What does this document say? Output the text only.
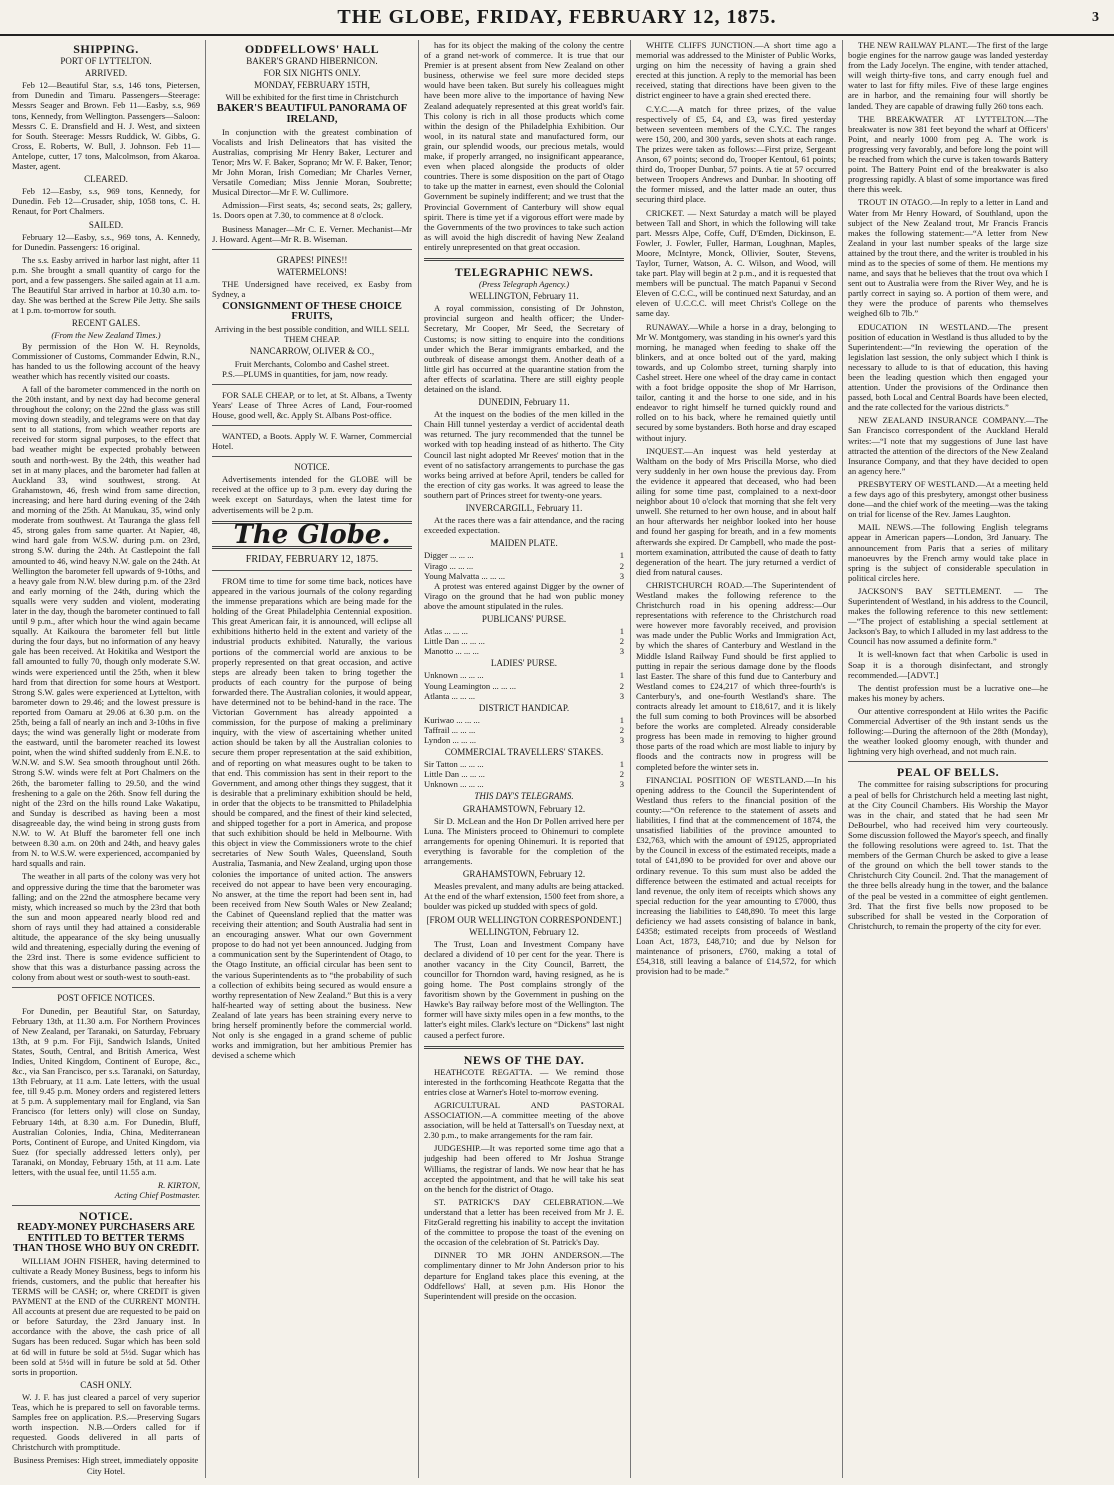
THE GLOBE, FRIDAY, FEBRUARY 12, 1875.	3
SHIPPING.
PORT OF LYTTELTON.
ARRIVED.

Feb 12—Beautiful Star, s.s, 146 tons, Pietersen, from Dunedin and Timaru. Passengers—Steerage: Messrs Seager and Brown. Feb 11—Easby, s.s, 969 tons, Kennedy, from Wellington. Passengers—Saloon: Messrs C. E. Dransfield and H. J. West, and sixteen for South. Steerage: Messrs Ruddick, W. Gibbs, G. Cross, E. Roberts, W. Bull, J. Johnson. Feb 11—Antelope, cutter, 17 tons, Malcolmson, from Akaroa. Master, agent.

CLEARED.

Feb 12—Easby, s.s, 969 tons, Kennedy, for Dunedin. Feb 12—Crusader, ship, 1058 tons, C. H. Renaut, for Port Chalmers.

SAILED.

February 12—Easby, s.s., 969 tons, A. Kennedy, for Dunedin. Passengers: 16 original.

The s.s. Easby arrived in harbor last night, after 11 p.m. She brought a small quantity of cargo for the port, and a few passengers. She sailed again at 11 a.m. The Beautiful Star arrived in harbor at 10.30 a.m. to-day. She was berthed at the Screw Pile Jetty. She sails at 1 p.m. to-morrow for south.

RECENT GALES.
(From the New Zealand Times.)

By permission of the Hon W. H. Reynolds, Commissioner of Customs, Commander Edwin, R.N., has handed to us the following account of the heavy weather which has recently visited our coasts.

A fall of the barometer commenced in the north on the 20th instant, and by next day had become general throughout the colony; on the 22nd the glass was still moving down steadily, and telegrams were on that day sent to all stations, from which weather reports are received for storm signal purposes, to the effect that bad weather might be expected probably between south and north-west. By the 24th, this weather had set in at many places, and the barometer had fallen at Auckland 33, wind southwest, strong. At Grahamstown, 46, fresh wind from same direction, increasing; and here hard during evening of the 24th and morning of the 25th. At Manukau, 35, wind only moderate from southwest. At Tauranga the glass fell 45, strong gales from same quarter. At Napier, 48, wind hard gale from W.S.W. during p.m. on 23rd, strong S.W. during the 24th. At Castlepoint the fall amounted to 46, wind heavy N.W. gale on the 24th. At Wellington the barometer fell upwards of 9-10ths, and a heavy gale from N.W. blew during p.m. of the 23rd and early morning of the 24th, during which the squalls were very sudden and violent, moderating later in the day, though the barometer continued to fall until 9 p.m., after which hour the wind again became squally. At Kaikoura the barometer fell but little during the four days, but no information of any heavy gale has been received. At Hokitika and Westport the fall amounted to fully 70, though only moderate S.W. winds were experienced until the 25th, when it blew hard from that direction for some hours at Westport. Strong S.W. gales were experienced at Lyttelton, with barometer down to 29.46; and the lowest pressure is reported from Oamaru at 29.06 at 6.30 p.m. on the 25th, being a fall of nearly an inch and 3-10ths in five days; the wind was generally light or moderate from the eastward, until the barometer reached its lowest point, when the wind shifted suddenly from E.N.E. to W.N.W. and S.W. Sea smooth throughout until 26th. Strong S.W. winds were felt at Port Chalmers on the 26th, the barometer falling to 29.50, and the wind freshening to a gale on the 26th. Snow fell during the night of the 23rd on the hills round Lake Wakatipu, and Sunday is described as having been a most disagreeable day, the wind being in strong gusts from N.W. to W. At Bluff the barometer fell one inch between 8.30 a.m. on 20th and 24th, and heavy gales from N. to W.S.W. were experienced, accompanied by hard squalls and rain.

The weather in all parts of the colony was very hot and oppressive during the time that the barometer was falling; and on the 22nd the atmosphere became very misty, which increased so much by the 23rd that both the sun and moon appeared nearly blood red and shorn of rays until they had attained a considerable altitude, the appearance of the sky being unusually wild and threatening, especially during the evening of the 23rd inst. There is some evidence sufficient to show that this was a disturbance passing across the colony from about west or south-west to south-east.

POST OFFICE NOTICES.

For Dunedin, per Beautiful Star, on Saturday, February 13th, at 11.30 a.m. For Northern Provinces of New Zealand, per Taranaki, on Saturday, February 13th, at 9 p.m. For Fiji, Sandwich Islands, United States, South, Central, and British America, West Indies, United Kingdom, Continent of Europe, &c., &c., via San Francisco, per s.s. Taranaki, on Saturday, 13th February, at 11 a.m. Late letters, with the usual fee, till 9.45 p.m. Money orders and registered letters at 5 p.m. A supplementary mail for England, via San Francisco (for letters only) will close on Sunday, February 14th, at 8.30 a.m. For Dunedin, Bluff, Australian Colonies, India, China, Mediterranean Ports, Continent of Europe, and United Kingdom, via Suez (for specially addressed letters only), per Taranaki, on Monday, February 15th, at 11 a.m. Late letters, with the usual fee, until 11.55 a.m.

R. KIRTON,
Acting Chief Postmaster.
NOTICE.
READY-MONEY PURCHASERS ARE ENTITLED TO BETTER TERMS THAN THOSE WHO BUY ON CREDIT.

WILLIAM JOHN FISHER, having determined to cultivate a Ready Money Business, begs to inform his friends, customers, and the public that hereafter his TERMS will be CASH; or, where CREDIT is given PAYMENT at the END of the CURRENT MONTH. All accounts at present due are requested to be paid on or before Saturday, the 23rd January inst. In accordance with the above, the cash price of all Sugars has been reduced. Sugar which has been sold at 6d will in future be sold at 5½d. Sugar which has been sold at 5½d will in future be sold at 5d. Other sorts in proportion.

CASH ONLY.

W. J. F. has just cleared a parcel of very superior Teas, which he is prepared to sell on favorable terms. Samples free on application. P.S.—Preserving Sugars worth inspection. N.B.—Orders called for if requested. Goods delivered in all parts of Christchurch with promptitude.

Business Premises: High street, immediately opposite City Hotel.
ODDFELLOWS' HALL
BAKER'S GRAND HIBERNICON.
FOR SIX NIGHTS ONLY.
MONDAY, FEBRUARY 15TH,
Will be exhibited for the first time in Christchurch
BAKER'S BEAUTIFUL PANORAMA OF IRELAND,

In conjunction with the greatest combination of Vocalists and Irish Delineators that has visited the Australias, comprising Mr Henry Baker, Lecturer and Tenor; Mrs W. F. Baker, Soprano; Mr W. F. Baker, Tenor; Mr John Moran, Irish Comedian; Mr Charles Verner, Versatile Comedian; Miss Jennie Moran, Soubrette; Musical Director—Mr F. W. Cullimore.

Admission—First seats, 4s; second seats, 2s; gallery, 1s. Doors open at 7.30, to commence at 8 o'clock.

Business Manager—Mr C. E. Verner. Mechanist—Mr J. Howard. Agent—Mr R. B. Wiseman.

GRAPES! PINES!!
WATERMELONS!

THE Undersigned have received, ex Easby from Sydney, a

CONSIGNMENT OF THESE CHOICE FRUITS,
Arriving in the best possible condition, and WILL SELL THEM CHEAP.
NANCARROW, OLIVER & CO.,
Fruit Merchants, Colombo and Cashel street.

P.S.—PLUMS in quantities, for jam, now ready.

FOR SALE CHEAP, or to let, at St. Albans, a Twenty Years' Lease of Three Acres of Land, Four-roomed House, good well, &c. Apply St. Albans Post-office.

WANTED, a Boots. Apply W. F. Warner, Commercial Hotel.

NOTICE.

Advertisements intended for the GLOBE will be received at the office up to 3 p.m. every day during the week except on Saturdays, when the latest time for advertisements will be 2 p.m.

The Globe.
FRIDAY, FEBRUARY 12, 1875.

FROM time to time for some time back, notices have appeared in the various journals of the colony regarding the immense preparations which are being made for the holding of the Great Philadelphia Centennial exposition. This great American fair, it is announced, will eclipse all exhibitions hitherto held in the extent and variety of the industrial products exhibited. Naturally, the various portions of the commercial world are anxious to be properly represented on that great occasion, and active steps are already been taken to bring together the products of each country for the purpose of being forwarded there. The Australian colonies, it would appear, have determined not to be behind-hand in the race. The Victorian Government has already appointed a commission, for the purpose of making a preliminary inquiry, with the view of ascertaining whether united action should be taken by all the Australian colonies to secure them proper representation at the said exhibition, and of reporting on what measures ought to be taken to that end. This commission has sent in their report to the Government, and among other things they suggest, that it is desirable that a preliminary exhibition should be held, in order that the objects to be transmitted to Philadelphia should be compared, and the finest of their kind selected, and shipped together for a port in America, and propose that such exhibition should be held in Melbourne. With this object in view the Commissioners wrote to the chief secretaries of New South Wales, Queensland, South Australia, Tasmania, and New Zealand, urging upon those colonies the importance of united action. The answers received do not appear to have been very encouraging. No answer, at the time the report had been sent in, had been received from New South Wales or New Zealand; the Cabinet of Queensland replied that the matter was receiving their attention; and South Australia had sent in an encouraging answer. What our own Government propose to do had not yet been announced. Judging from a communication sent by the Superintendent of Otago, to the Otago Institute, an official circular has been sent to the various Superintendents as to “the probability of such a collection of exhibits being secured as would ensure a worthy representation of New Zealand.” But this is a very half-hearted way of setting about the business. New Zealand of late years has been straining every nerve to bring herself prominently before the commercial world. Not only is she engaged in a grand scheme of public works and immigration, but her ambitious Premier has devised a scheme which

has for its object the making of the colony the centre of a grand net-work of commerce. It is true that our Premier is at present absent from New Zealand on other business, otherwise we feel sure more decided steps would have been taken. But surely his colleagues might have been more alive to the importance of having New Zealand adequately represented at this great world's fair. This colony is rich in all those products which come within the design of the Philadelphia Exhibition. Our wool, in its natural state and manufactured form, our grain, our splendid woods, our precious metals, would make, if properly arranged, no insignificant appearance, even when placed alongside the products of older countries. There is some disposition on the part of Otago to take up the matter in earnest, even should the Colonial Government be supinely indifferent; and we trust that the Provincial Government of Canterbury will show equal spirit. There is time yet if a vigorous effort were made by the Governments of the two provinces to take such action as will avoid the high discredit of having New Zealand entirely unrepresented on that great occasion.

TELEGRAPHIC NEWS.
(Press Telegraph Agency.)
WELLINGTON, February 11.

A royal commission, consisting of Dr Johnston, provincial surgeon and health officer; the Under-Secretary, Mr Cooper, Mr Seed, the Secretary of Customs; is now sitting to enquire into the conditions under which the Berar immigrants embarked, and the outbreak of disease amongst them. Another death of a little girl has occurred at the quarantine station from the after effects of scarlatina. There are still eighty people detained on the island.

DUNEDIN, February 11.

At the inquest on the bodies of the men killed in the Chain Hill tunnel yesterday a verdict of accidental death was returned. The jury recommended that the tunnel be worked with top heading instead of as hitherto. The City Council last night adopted Mr Reeves' motion that in the event of no satisfactory arrangements to purchase the gas works being arrived at before April, tenders be called for the erection of city gas works. It was agreed to lease the southern part of Princes street for twenty-one years.

INVERCARGILL, February 11.

At the races there was a fair attendance, and the racing exceeded expectation.

MAIDEN PLATE.
Digger ... ... ...	1
Virago ... ... ...	2
Young Malvatta ... ... ...	3

A protest was entered against Digger by the owner of Virago on the ground that he had won public money above the amount stipulated in the rules.

PUBLICANS' PURSE.
Atlas ... ... ...	1
Little Dan ... ... ...	2
Manotto ... ... ...	3
LADIES' PURSE.
Unknown ... ... ...	1
Young Leamington ... ... ...	2
Atlanta ... ... ...	3
DISTRICT HANDICAP.
Kuriwao ... ... ...	1
Taffrail ... ... ...	2
Lyndon ... ... ...	3
COMMERCIAL TRAVELLERS' STAKES.
Sir Tatton ... ... ...	1
Little Dan ... ... ...	2
Unknown ... ... ...	3
THIS DAY'S TELEGRAMS.
GRAHAMSTOWN, February 12.

Sir D. McLean and the Hon Dr Pollen arrived here per Luna. The Ministers proceed to Ohinemuri to complete arrangements for opening Ohinemuri. It is reported that everything is favorable for the completion of the arrangements.

GRAHAMSTOWN, February 12.

Measles prevalent, and many adults are being attacked. At the end of the wharf extension, 1500 feet from shore, a boulder was picked up studded with specs of gold.

[FROM OUR WELLINGTON CORRESPONDENT.]
WELLINGTON, February 12.

The Trust, Loan and Investment Company have declared a dividend of 10 per cent for the year. There is another vacancy in the City Council, Barrett, the councillor for Thorndon ward, having resigned, as he is going home. The Post complains strongly of the favoritism shown by the Government in pushing on the Hawke's Bay railway before most of the Wellington. The former will have sixty miles open in a few months, to the latter's eight miles. Clark's lecture on “Dickens” last night caused a perfect furore.

NEWS OF THE DAY.

HEATHCOTE REGATTA. — We remind those interested in the forthcoming Heathcote Regatta that the entries close at Warner's Hotel to-morrow evening.

AGRICULTURAL AND PASTORAL ASSOCIATION.—A committee meeting of the above association, will be held at Tattersall's on Tuesday next, at 2.30 p.m., to make arrangements for the ram fair.

JUDGESHIP.—It was reported some time ago that a judgeship had been offered to Mr Joshua Strange Williams, the registrar of lands. We now hear that he has accepted the appointment, and that he will take his seat on the bench for the district of Otago.

ST. PATRICK'S DAY CELEBRATION.—We understand that a letter has been received from Mr J. E. FitzGerald regretting his inability to accept the invitation of the committee to propose the toast of the evening on the occasion of the celebration of St. Patrick's Day.

DINNER TO MR JOHN ANDERSON.—The complimentary dinner to Mr John Anderson prior to his departure for England takes place this evening, at the Oddfellows' Hall, at seven p.m. His Honor the Superintendent will preside on the occasion.

WHITE CLIFFS JUNCTION.—A short time ago a memorial was addressed to the Minister of Public Works, urging on him the necessity of having a grain shed erected at this junction. A reply to the memorial has been received, stating that directions have been given to the district engineer to have a grain shed erected there.

C.Y.C.—A match for three prizes, of the value respectively of £5, £4, and £3, was fired yesterday between seventeen members of the C.Y.C. The ranges were 150, 200, and 300 yards, seven shots at each range. The prizes were taken as follows:—First prize, Sergeant Anson, 67 points; second do, Trooper Kentoul, 61 points; third do, Trooper Dunbar, 57 points. A tie at 57 occurred between Troopers Andrews and Dunbar. In shooting off the former missed, and the latter made an outer, thus securing third place.

CRICKET. — Next Saturday a match will be played between Tall and Short, in which the following will take part. Messrs Alpe, Coffe, Cuff, D'Emden, Dickinson, E. Fowler, J. Fowler, Fuller, Harman, Loughnan, Maples, Moore, McIntyre, Monck, Ollivier, Souter, Stevens, Taylor, Turner, Watson, A. C. Wilson, and Wood, will take part. Play will begin at 2 p.m., and it is requested that members will be punctual. The match Papanui v Second Eleven of C.C.C., will be continued next Saturday, and an eleven of U.C.C.C. will meet Christ's College on the same day.

RUNAWAY.—While a horse in a dray, belonging to Mr W. Montgomery, was standing in his owner's yard this morning, he managed when feeding to shake off the blinkers, and at once bolted out of the yard, making towards, and up Colombo street, turning sharply into Cashel street. Here one wheel of the dray came in contact with a foot bridge opposite the shop of Mr Harrison, tailor, canting it and the horse to one side, and in his endeavor to right himself he turned quickly round and rolled on to his back, where he remained quietly until secured by some bystanders. Both horse and dray escaped without injury.

INQUEST.—An inquest was held yesterday at Waltham on the body of Mrs Priscilla Morse, who died very suddenly in her own house the previous day. From the evidence it appeared that deceased, who had been ailing for some time past, complained to a next-door neighbor about 10 o'clock that morning that she felt very unwell. She returned to her own house, and in about half an hour afterwards her neighbor looked into her house and found her gasping for breath, and in a few moments afterwards she expired. Dr Campbell, who made the post-mortem examination, attributed the cause of death to fatty degeneration of the heart. The jury returned a verdict of died from natural causes.

CHRISTCHURCH ROAD.—The Superintendent of Westland makes the following reference to the Christchurch road in his opening address:—Our representations with reference to the Christchurch road were however more favorably received, and provision was made under the Public Works and Immigration Act, by which the shares of Canterbury and Westland in the Middle Island Railway Fund should be first applied to putting in repair the serious damage done by the floods last Easter. The share of this fund due to Canterbury and Westland comes to £24,217 of which three-fourth's is Canterbury's, and one-fourth Westland's share. The contracts already let amount to £18,617, and it is likely the full sum coming to both Provinces will be absorbed before the works are completed. Already considerable progress has been made in removing to higher ground those parts of the road which are most liable to injury by floods and the contracts now in progress will be completed before the winter sets in.

FINANCIAL POSITION OF WESTLAND.—In his opening address to the Council the Superintendent of Westland thus refers to the financial position of the county:—“On reference to the statement of assets and liabilities, I find that at the commencement of 1874, the unsatisfied liabilities of the province amounted to £32,763, which with the amount of £9125, appropriated by the Council in excess of the estimated receipts, made a total of £41,890 to be provided for over and above our ordinary revenue. To this sum must also be added the difference between the estimated and actual receipts for land revenue, the only item of receipts which shows any special reduction for the year amounting to £7000, thus increasing the liabilities to £48,890. To meet this large deficiency we had assets consisting of balance in bank, £4358; estimated receipts from proceeds of Westland Loan Act, 1873, £48,710; and due by Nelson for maintenance of prisoners, £760, making a total of £54,318, still leaving a balance of £14,572, for which provision had to be made.”

THE NEW RAILWAY PLANT.—The first of the large bogie engines for the narrow gauge was landed yesterday from the Lady Jocelyn. The engine, with tender attached, will weigh thirty-five tons, and carry enough fuel and water to last for fifty miles. Five of these large engines are in harbor, and the remaining four will shortly be landed. They are capable of drawing fully 260 tons each.

THE BREAKWATER AT LYTTELTON.—The breakwater is now 381 feet beyond the wharf at Officers' Point, and nearly 1000 from peg A. The work is progressing very favorably, and before long the point will be reached from which the curve is taken towards Battery point. The Battery Point end of the breakwater is also progressing rapidly. A blast of some importance was fired there this week.

TROUT IN OTAGO.—In reply to a letter in Land and Water from Mr Henry Howard, of Southland, upon the subject of the New Zealand trout, Mr Francis Francis makes the following statement:—“A letter from New Zealand in your last number speaks of the large size attained by the trout there, and the writer is troubled in his mind as to the species of some of them. He mentions my name, and says that he believes that the trout ova which I sent out to Australia were from the River Wey, and he is partly correct in saying so. A portion of them were, and they were the produce of parents who themselves weighed 6lb to 7lb.”

EDUCATION IN WESTLAND.—The present position of education in Westland is thus alluded to by the Superintendent:—“In reviewing the operation of the legislation last session, the only subject which I think is necessary to allude to is that of education, this having been the leading question which then engaged your attention. Under the provisions of the Ordinance then passed, both Local and Central Boards have been elected, and the rate collected for the various districts.”

NEW ZEALAND INSURANCE COMPANY.—The San Francisco correspondent of the Auckland Herald writes:—“I note that my suggestions of June last have attracted the attention of the directors of the New Zealand Insurance Company, and that they have decided to open an agency here.”

PRESBYTERY OF WESTLAND.—At a meeting held a few days ago of this presbytery, amongst other business done—and the chief work of the meeting—was the taking on trial for license of the Rev. James Laughton.

MAIL NEWS.—The following English telegrams appear in American papers—London, 3rd January. The announcement from Paris that a series of military manoeuvres by the French army would take place in spring is the subject of considerable speculation in political circles here.

JACKSON'S BAY SETTLEMENT. — The Superintendent of Westland, in his address to the Council, makes the following reference to this new settlement:—“The project of establishing a special settlement at Jackson's Bay, to which I alluded in my last address to the Council has now assumed a definite form.”

It is well-known fact that when Carbolic is used in Soap it is a thorough disinfectant, and strongly recommended.—[ADVT.]

The dentist profession must be a lucrative one—he makes his money by achers.

Our attentive correspondent at Hilo writes the Pacific Commercial Advertiser of the 9th instant sends us the following:—During the afternoon of the 28th (Monday), the weather looked gloomy enough, with thunder and lightning very high overhead, and not much rain.

PEAL OF BELLS.

The committee for raising subscriptions for procuring a peal of bells for Christchurch held a meeting last night, at the City Council Chambers. His Worship the Mayor was in the chair, and stated that he had seen Mr DeBourbel, who had received him very courteously. Some discussion followed the Mayor's speech, and finally the following resolutions were agreed to. 1st. That the members of the German Church be asked to give a lease of the ground on which the bell tower stands to the Christchurch City Council. 2nd. That the management of the three bells already hung in the tower, and the balance of the peal be vested in a committee of eight gentlemen. 3rd. That the first five bells now proposed to be subscribed for shall be vested in the Corporation of Christchurch, to remain the property of the city for ever.
